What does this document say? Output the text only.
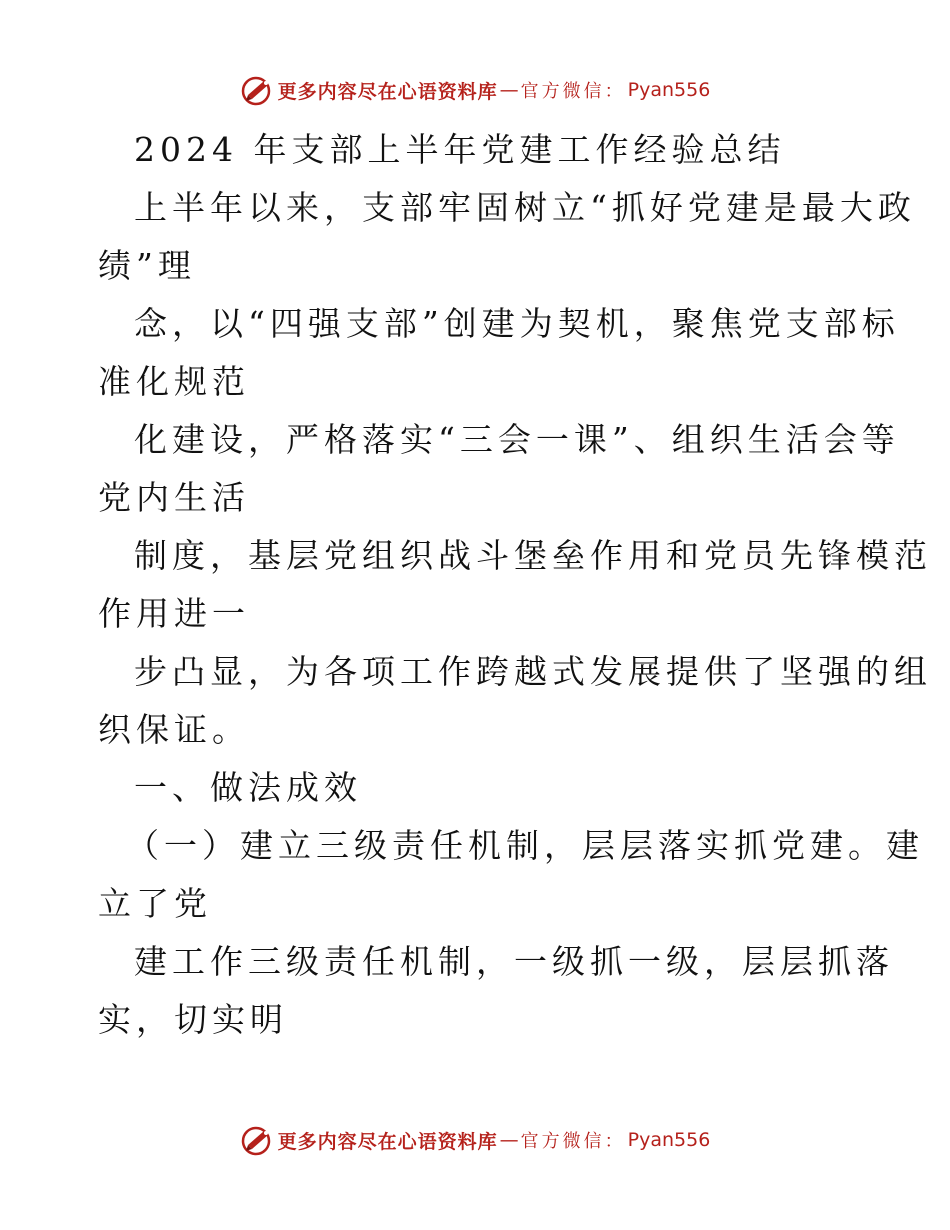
更多内容尽在心语资料库 — 官方微信： Pyan556
2024 年支部上半年党建工作经验总结
上半年以来，支部牢固树立“抓好党建是最大政
绩”理
念，以“四强支部”创建为契机，聚焦党支部标
准化规范
化建设，严格落实“三会一课”、组织生活会等
党内生活
制度，基层党组织战斗堡垒作用和党员先锋模范
作用进一
步凸显，为各项工作跨越式发展提供了坚强的组
织保证。
一、做法成效
（一）建立三级责任机制，层层落实抓党建。建
立了党
建工作三级责任机制，一级抓一级，层层抓落
实，切实明
更多内容尽在心语资料库 — 官方微信： Pyan556
